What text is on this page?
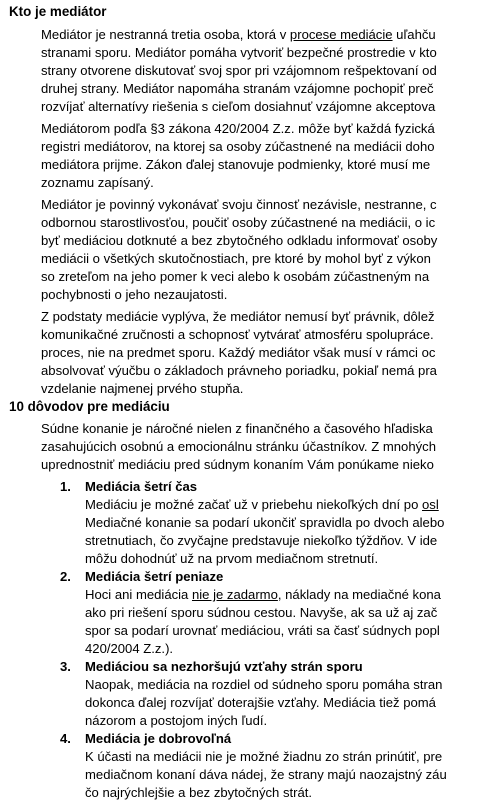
Kto je mediátor
Mediátor je nestranná tretia osoba, ktorá v procese mediácie uľahču
stranami sporu. Mediátor pomáha vytvoriť bezpečné prostredie v kto
strany otvorene diskutovať svoj spor pri vzájomnom rešpektovaní od
druhej strany. Mediátor napomáha stranám vzájomne pochopiť preč
rozvíjať alternatívy riešenia s cieľom dosiahnuť vzájomne akceptova
Mediátorom podľa §3 zákona 420/2004 Z.z. môže byť každá fyzická
registri mediátorov, na ktorej sa osoby zúčastnené na mediácii doho
mediátora prijme. Zákon ďalej stanovuje podmienky, ktoré musí me
zoznamu zapísaný.
Mediátor je povinný vykonávať svoju činnosť nezávisle, nestranne, c
odbornou starostlivosťou, poučiť osoby zúčastnené na mediácii, o ic
byť mediáciou dotknuté a bez zbytočného odkladu informovať osoby
mediácii o všetkých skutočnostiach, pre ktoré by mohol byť z výkon
so zreteľom na jeho pomer k veci alebo k osobám zúčastneným na
pochybnosti o jeho nezaujatosti.
Z podstaty mediácie vyplýva, že mediátor nemusí byť právnik, dôlež
komunikačné zručnosti a schopnosť vytvárať atmosféru spolupráce.
proces, nie na predmet sporu. Každý mediátor však musí v rámci oc
absolvovať výučbu o základoch právneho poriadku, pokiaľ nemá pra
vzdelanie najmenej prvého stupňa.
10 dôvodov pre mediáciu
Súdne konanie je náročné nielen z finančného a časového hľadiska
zasahujúcich osobnú a emocionálnu stránku účastníkov. Z mnohých
uprednostniť mediáciu pred súdnym konaním Vám ponúkame nieko
1. Mediácia šetrí čas
Mediáciu je možné začať už v priebehu niekoľkých dní po osl
Mediačné konanie sa podarí ukončiť spravidla po dvoch alebo
stretnutiach, čo zvyčajne predstavuje niekoľko týždňov. V ide
môžu dohodnúť už na prvom mediačnom stretnutí.
2. Mediácia šetrí peniaze
Hoci ani mediácia nie je zadarmo, náklady na mediačné kona
ako pri riešení sporu súdnou cestou. Navyše, ak sa už aj zač
spor sa podarí urovnať mediáciou, vráti sa časť súdnych popl
420/2004 Z.z.).
3. Mediáciou sa nezhoršujú vzťahy strán sporu
Naopak, mediácia na rozdiel od súdneho sporu pomáha stran
dokonca ďalej rozvíjať doterajšie vzťahy. Mediácia tiež pomá
názorom a postojom iných ľudí.
4. Mediácia je dobrovoľná
K účasti na mediácii nie je možné žiadnu zo strán prinútiť, pre
mediačnom konaní dáva nádej, že strany majú naozajstný záu
čo najrýchlejšie a bez zbytočných strát.
